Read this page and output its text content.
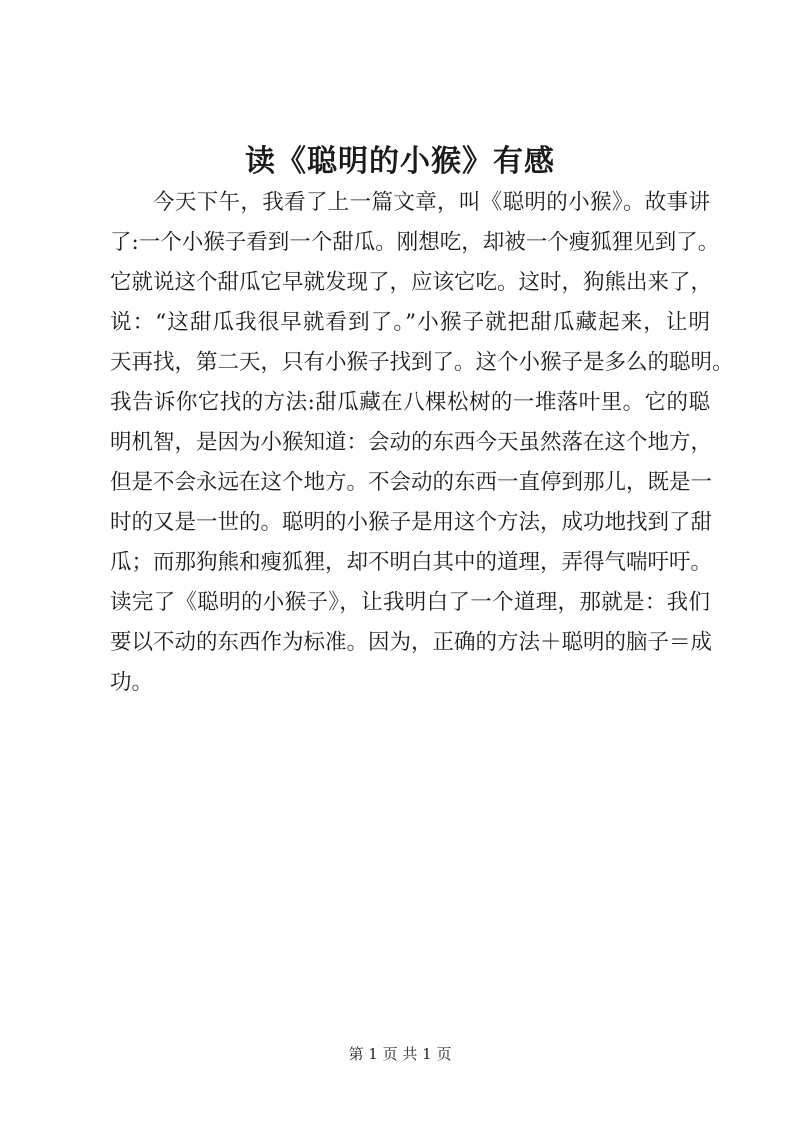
读《聪明的小猴》有感
今天下午，我看了上一篇文章，叫《聪明的小猴》。故事讲
了:一个小猴子看到一个甜瓜。刚想吃，却被一个瘦狐狸见到了。
它就说这个甜瓜它早就发现了，应该它吃。这时，狗熊出来了，
说：“这甜瓜我很早就看到了。”小猴子就把甜瓜藏起来，让明
天再找，第二天，只有小猴子找到了。这个小猴子是多么的聪明。
我告诉你它找的方法:甜瓜藏在八棵松树的一堆落叶里。它的聪
明机智，是因为小猴知道：会动的东西今天虽然落在这个地方，
但是不会永远在这个地方。不会动的东西一直停到那儿，既是一
时的又是一世的。聪明的小猴子是用这个方法，成功地找到了甜
瓜；而那狗熊和瘦狐狸，却不明白其中的道理，弄得气喘吁吁。
读完了《聪明的小猴子》，让我明白了一个道理，那就是：我们
要以不动的东西作为标准。因为，正确的方法＋聪明的脑子＝成
功。
第 1 页 共 1 页
